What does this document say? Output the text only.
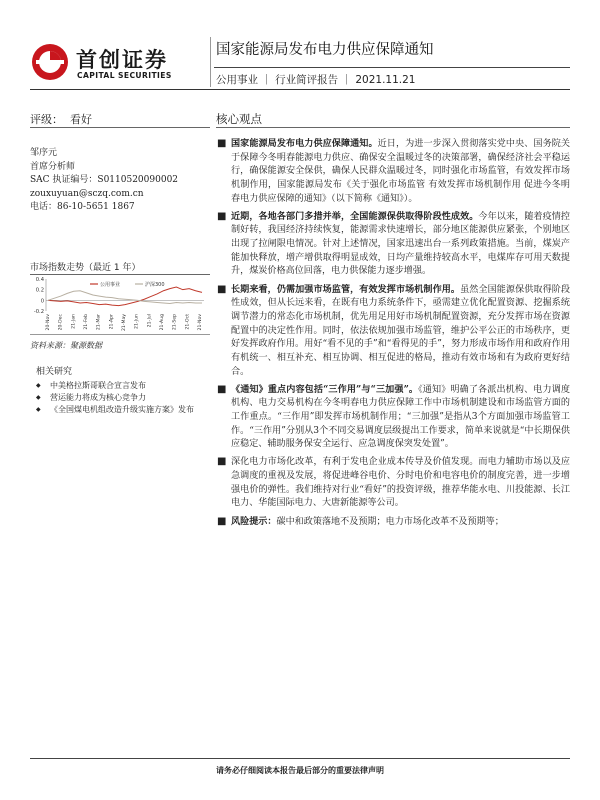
首创证券
CAPITAL SECURITIES
国家能源局发布电力供应保障通知
公用事业 ｜ 行业简评报告 ｜ 2021.11.21
评级： 看好	核心观点
邹序元
首席分析师
SAC 执证编号：S0110520090002
zouxuyuan@sczq.com.cn
电话：86-10-5651 1867
市场指数走势（最近 1 年）
-0.2
0
0.2
0.4
20-Nov 20-Dec 21-Jan 21-Feb 21-Mar 21-Apr 21-May 21-Jun 21-Jul 21-Aug 21-Sep 21-Oct 21-Nov
公用事业	沪深300
资料来源：聚源数据
相关研究
◆ 中美格拉斯哥联合宣言发布
◆ 营运能力将成为核心竞争力
◆ 《全国煤电机组改造升级实施方案》发布
■ 国家能源局发布电力供应保障通知。近日，为进一步深入贯彻落实党中央、国务院关于保障今冬明春能源电力供应、确保安全温暖过冬的决策部署，确保经济社会平稳运行，确保能源安全保供，确保人民群众温暖过冬，同时强化市场监管，有效发挥市场机制作用，国家能源局发布《关于强化市场监管 有效发挥市场机制作用 促进今冬明春电力供应保障的通知》（以下简称《通知》）。
■ 近期，各地各部门多措并举，全国能源保供取得阶段性成效。今年以来，随着疫情控制好转，我国经济持续恢复，能源需求快速增长，部分地区能源供应紧张，个别地区出现了拉闸限电情况。针对上述情况，国家迅速出台一系列政策措施。当前，煤炭产能加快释放，增产增供取得明显成效，日均产量维持较高水平，电煤库存可用天数提升，煤炭价格高位回落，电力供保能力逐步增强。
■ 长期来看，仍需加强市场监管，有效发挥市场机制作用。虽然全国能源保供取得阶段性成效，但从长远来看，在既有电力系统条件下，亟需建立优化配置资源、挖掘系统调节潜力的常态化市场机制，优先用足用好市场机制配置资源，充分发挥市场在资源配置中的决定性作用。同时，依法依规加强市场监管，维护公平公正的市场秩序，更好发挥政府作用。用好“看不见的手”和“看得见的手”，努力形成市场作用和政府作用有机统一、相互补充、相互协调、相互促进的格局，推动有效市场和有为政府更好结合。
■ 《通知》重点内容包括“三作用”与“三加强”。《通知》明确了各派出机构、电力调度机构、电力交易机构在今冬明春电力供应保障工作中市场机制建设和市场监管方面的工作重点。“三作用”即发挥市场机制作用；“三加强”是指从3个方面加强市场监管工作。“三作用”分别从3个不同交易调度层级提出工作要求，简单来说就是“中长期保供应稳定、辅助服务保安全运行、应急调度保突发处置”。
■ 深化电力市场化改革，有利于发电企业成本传导及价值发现。而电力辅助市场以及应急调度的重视及发展，将促进峰谷电价、分时电价和电容电价的制度完善，进一步增强电价的弹性。我们维持对行业“看好”的投资评级，推荐华能水电、川投能源、长江电力、华能国际电力、大唐新能源等公司。
■ 风险提示：碳中和政策落地不及预期；电力市场化改革不及预期等；
请务必仔细阅读本报告最后部分的重要法律声明
